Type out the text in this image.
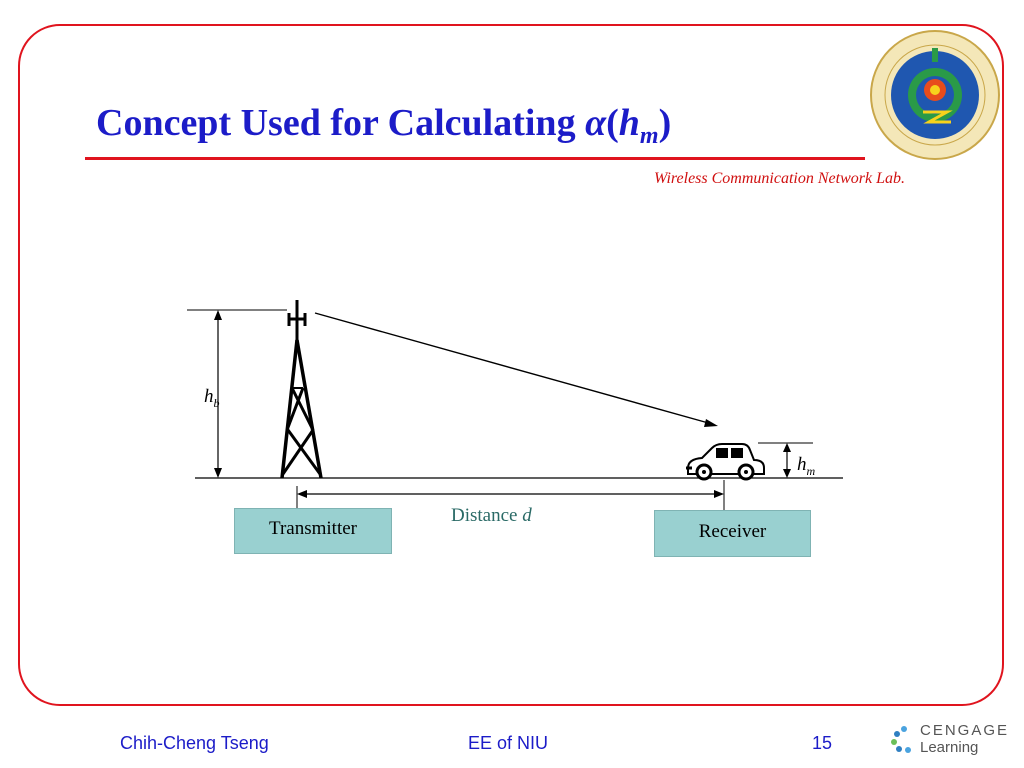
Concept Used for Calculating $\alpha(h_m)$
Wireless Communication Network Lab.
$h_b$
$h_m$
Transmitter	Receiver
Distance d
Chih-Cheng Tseng	EE of NIU	15
CENGAGE
Learning
